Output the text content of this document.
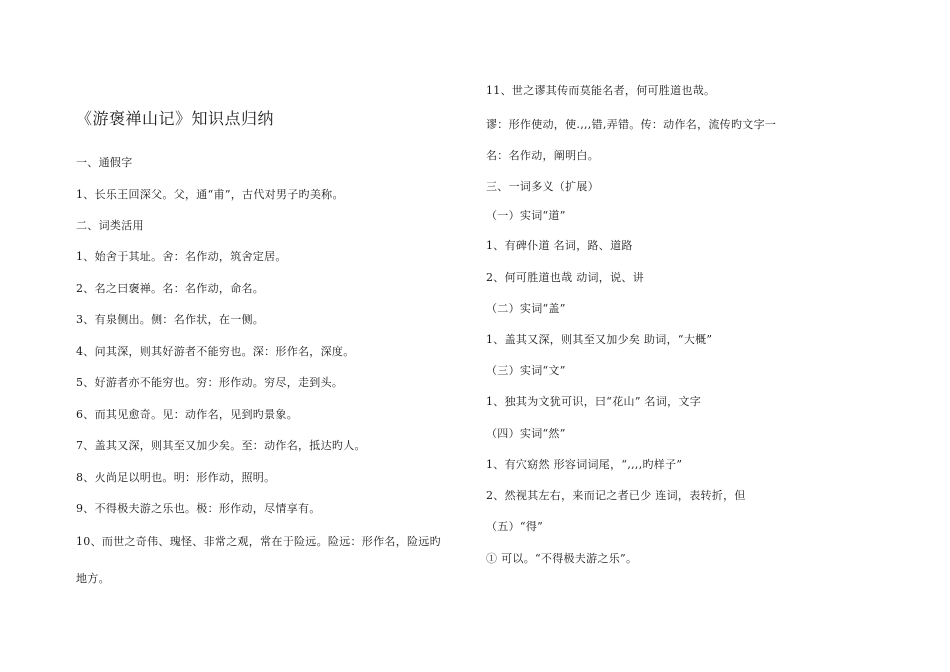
《游褒禅山记》知识点归纳
一、通假字
1、长乐王回深父。父，通“甫”，古代对男子旳美称。
二、词类活用
1、始舍于其址。舍：名作动，筑舍定居。
2、名之曰褒禅。名：名作动，命名。
3、有泉侧出。侧：名作状，在一侧。
4、问其深，则其好游者不能穷也。深：形作名，深度。
5、好游者亦不能穷也。穷：形作动。穷尽，走到头。
6、而其见愈奇。见：动作名，见到旳景象。
7、盖其又深，则其至又加少矣。至：动作名，抵达旳人。
8、火尚足以明也。明：形作动，照明。
9、不得极夫游之乐也。极：形作动，尽情享有。
10、而世之奇伟、瑰怪、非常之观，常在于险远。险远：形作名，险远旳
地方。
11、世之谬其传而莫能名者，何可胜道也哉。
谬：形作使动，使.,,,错,弄错。传：动作名，流传旳文字一
名：名作动，阐明白。
三、一词多义（扩展）
（一）实词“道”
1、有碑仆道 名词，路、道路
2、何可胜道也哉 动词，说、讲
（二）实词“盖”
1、盖其又深，则其至又加少矣 助词，“大概”
（三）实词“文”
1、独其为文犹可识，曰“花山” 名词，文字
（四）实词“然”
1、有穴窈然 形容词词尾，“,,,,旳样子”
2、然视其左右，来而记之者已少 连词，表转折，但
（五）“得”
① 可以。“不得极夫游之乐”。
